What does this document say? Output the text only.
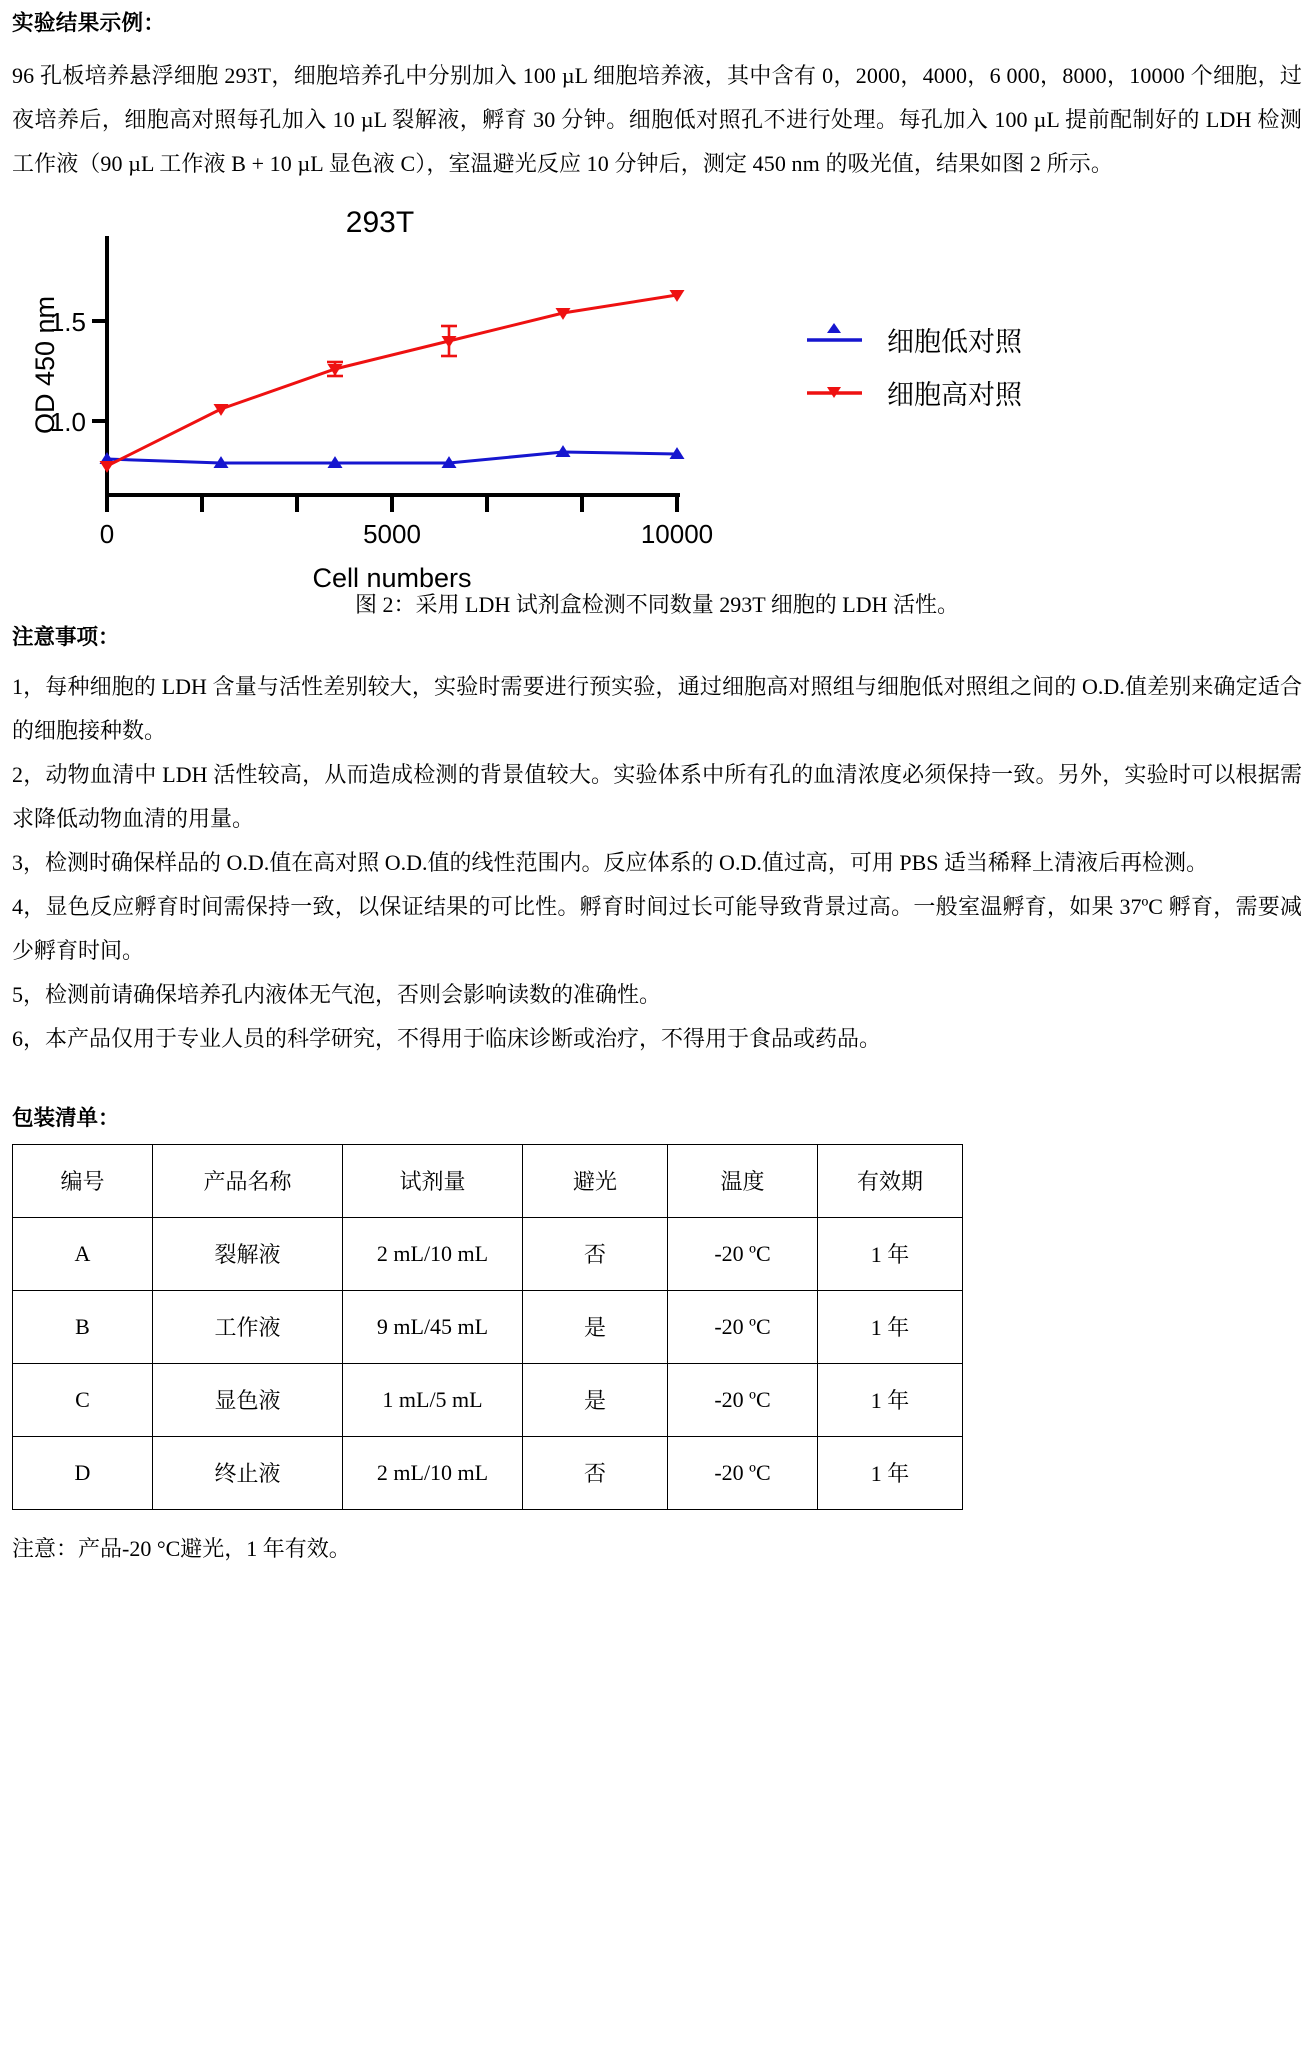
实验结果示例：

96 孔板培养悬浮细胞 293T，细胞培养孔中分别加入 100 µL 细胞培养液，其中含有 0，2000，4000，6 000，8000，10000 个细胞，过夜培养后，细胞高对照每孔加入 10 µL 裂解液，孵育 30 分钟。细胞低对照孔不进行处理。每孔加入 100 µL 提前配制好的 LDH 检测工作液（90 µL 工作液 B + 10 µL 显色液 C），室温避光反应 10 分钟后，测定 450 nm 的吸光值，结果如图 2 所示。

293T
1.5
1.0
OD 450 nm
0	5000	10000
细胞低对照
细胞高对照
Cell numbers
图 2：采用 LDH 试剂盒检测不同数量 293T 细胞的 LDH 活性。
注意事项：

1，每种细胞的 LDH 含量与活性差别较大，实验时需要进行预实验，通过细胞高对照组与细胞低对照组之间的 O.D.值差别来确定适合的细胞接种数。

2，动物血清中 LDH 活性较高，从而造成检测的背景值较大。实验体系中所有孔的血清浓度必须保持一致。另外，实验时可以根据需求降低动物血清的用量。

3，检测时确保样品的 O.D.值在高对照 O.D.值的线性范围内。反应体系的 O.D.值过高，可用 PBS 适当稀释上清液后再检测。

4，显色反应孵育时间需保持一致，以保证结果的可比性。孵育时间过长可能导致背景过高。一般室温孵育，如果 37ºC 孵育，需要减少孵育时间。

5，检测前请确保培养孔内液体无气泡，否则会影响读数的准确性。

6，本产品仅用于专业人员的科学研究，不得用于临床诊断或治疗，不得用于食品或药品。

包装清单：
编号	产品名称	试剂量	避光	温度	有效期
A	裂解液	2 mL/10 mL	否	-20 ºC	1 年
B	工作液	9 mL/45 mL	是	-20 ºC	1 年
C	显色液	1 mL/5 mL	是	-20 ºC	1 年
D	终止液	2 mL/10 mL	否	-20 ºC	1 年
注意：产品-20 °C避光，1 年有效。
